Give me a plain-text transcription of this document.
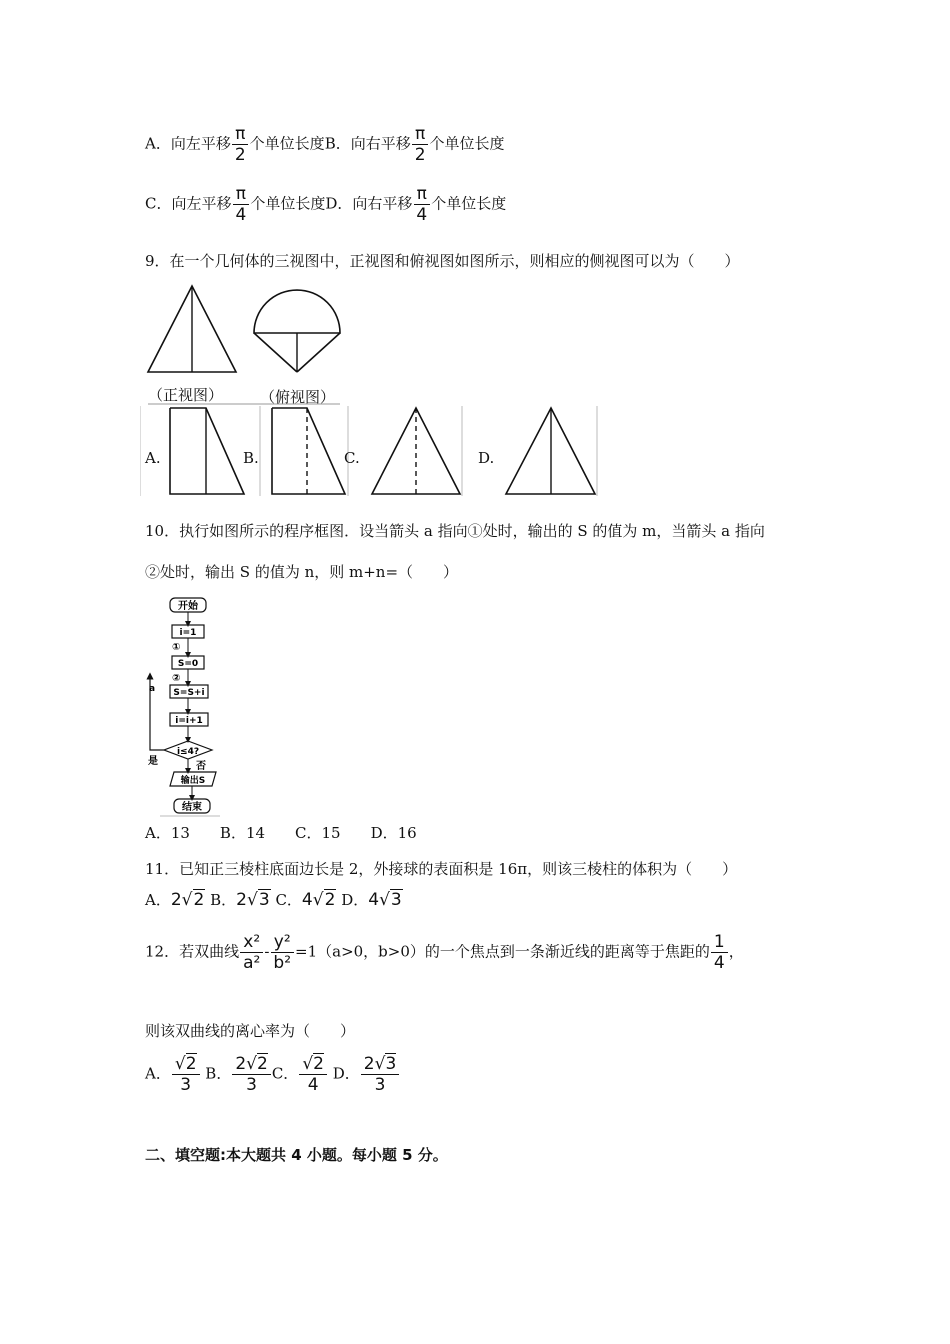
A．向左平移 $\frac{\pi}{2}$ 个单位长度B．向右平移 $\frac{\pi}{2}$ 个单位长度
C．向左平移 $\frac{\pi}{4}$ 个单位长度D．向右平移 $\frac{\pi}{4}$ 个单位长度
9．在一个几何体的三视图中，正视图和俯视图如图所示，则相应的侧视图可以为（　　）
（正视图） （俯视图）
A.	B.	C.	D.
10．执行如图所示的程序框图．设当箭头 a 指向①处时，输出的 S 的值为 m，当箭头 a 指向
②处时，输出 S 的值为 n，则 m+n=（　　）
开始
i=1
①
S=0
②
S=S+i
i=i+1
i≤4?
a
是	否
输出S
结束
A．13　　B．14　　C．15　　D．16
11．已知正三棱柱底面边长是 2，外接球的表面积是 16π，则该三棱柱的体积为（　　）
A．2√2 B．2√3 C．4√2 D．4√3
12．若双曲线 $\frac{\text{x²}}{\text{a²}} - \frac{\text{y²}}{\text{b²}} =1(a>0$，b>0）的一个焦点到一条渐近线的距离等于焦距的 $\frac{1}{4}$ ，
则该双曲线的离心率为（　　）
A． $\frac{√2}{3}$ B． $\frac{2√2}{3}$ C． $\frac{√2}{4}$ D． $\frac{2√3}{3}$
二、填空题:本大题共 4 小题。每小题 5 分。
